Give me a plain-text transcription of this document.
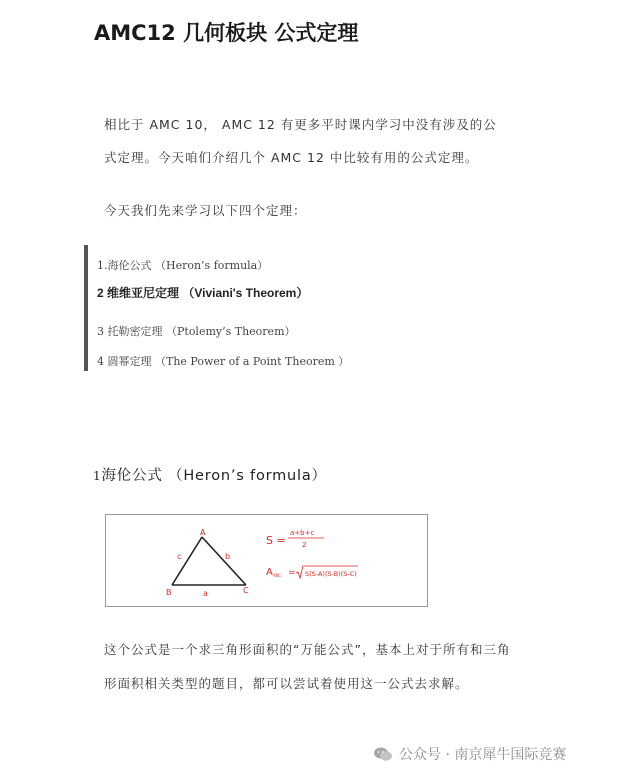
AMC12 几何板块 公式定理
相比于 AMC 10， AMC 12 有更多平时课内学习中没有涉及的公
式定理。今天咱们介绍几个 AMC 12 中比较有用的公式定理。
今天我们先来学习以下四个定理：
1.海伦公式 （Heron’s formula）
2 维维亚尼定理 （Viviani's Theorem）
3 托勒密定理 （Ptolemy’s Theorem）
4 圆幂定理 （The Power of a Point Theorem ）
1海伦公式 （Heron’s formula）
A
B	C
c	b
a
S =
a+b+c
2
A ABC = S(S-A)(S-B)(S-C)
这个公式是一个求三角形面积的“万能公式”，基本上对于所有和三角
形面积相关类型的题目，都可以尝试着使用这一公式去求解。
公众号 · 南京犀牛国际竞赛
